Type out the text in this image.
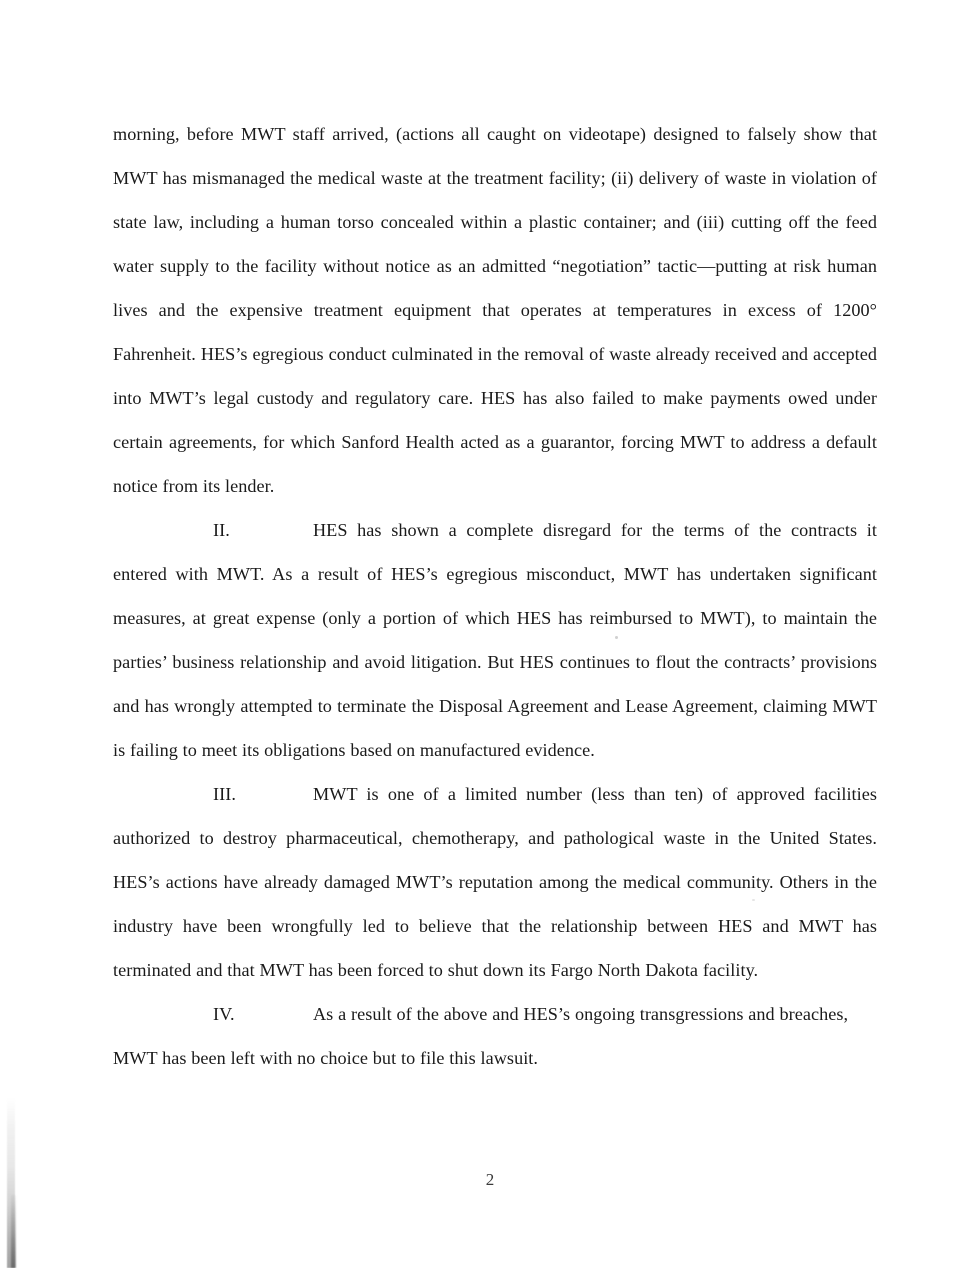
morning, before MWT staff arrived, (actions all caught on videotape) designed to falsely show that MWT has mismanaged the medical waste at the treatment facility; (ii) delivery of waste in violation of state law, including a human torso concealed within a plastic container; and (iii) cutting off the feed water supply to the facility without notice as an admitted “negotiation” tactic—putting at risk human lives and the expensive treatment equipment that operates at temperatures in excess of 1200° Fahrenheit. HES’s egregious conduct culminated in the removal of waste already received and accepted into MWT’s legal custody and regulatory care. HES has also failed to make payments owed under certain agreements, for which Sanford Health acted as a guarantor, forcing MWT to address a default notice from its lender.

II.	HES has shown a complete disregard for the terms of the contracts it entered with MWT. As a result of HES’s egregious misconduct, MWT has undertaken significant measures, at great expense (only a portion of which HES has reimbursed to MWT), to maintain the parties’ business relationship and avoid litigation. But HES continues to flout the contracts’ provisions and has wrongly attempted to terminate the Disposal Agreement and Lease Agreement, claiming MWT is failing to meet its obligations based on manufactured evidence.

III.	MWT is one of a limited number (less than ten) of approved facilities authorized to destroy pharmaceutical, chemotherapy, and pathological waste in the United States. HES’s actions have already damaged MWT’s reputation among the medical community. Others in the industry have been wrongfully led to believe that the relationship between HES and MWT has terminated and that MWT has been forced to shut down its Fargo North Dakota facility.

IV.	As a result of the above and HES’s ongoing transgressions and breaches, MWT has been left with no choice but to file this lawsuit.

2
